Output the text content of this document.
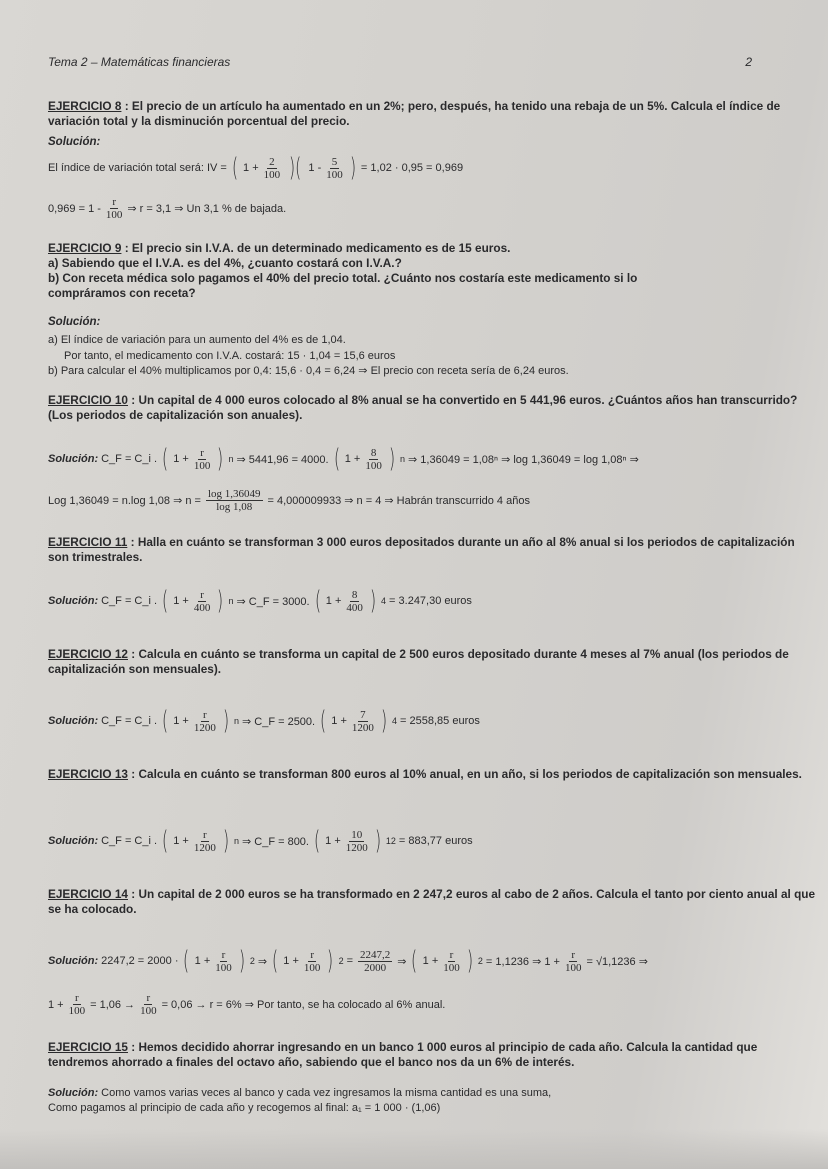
Tema 2 – Matemáticas financieras	2
EJERCICIO 8 : El precio de un artículo ha aumentado en un 2%; pero, después, ha tenido una rebaja de un 5%. Calcula el índice de variación total y la disminución porcentual del precio.
Solución:
El índice de variación total será: IV = ( $1 + \frac{2}{100}$ )( $1 - \frac{5}{100}$ ) = 1,02 · 0,95 = 0,969
$0,969 = 1 - \frac{r}{100}$ ⇒ r = 3,1 ⇒ Un 3,1 % de bajada.
EJERCICIO 9 : El precio sin I.V.A. de un determinado medicamento es de 15 euros.
a) Sabiendo que el I.V.A. es del 4%, ¿cuanto costará con I.V.A.?
b) Con receta médica solo pagamos el 40% del precio total. ¿Cuánto nos costaría este medicamento si lo compráramos con receta?
Solución:
a) El índice de variación para un aumento del 4% es de 1,04.
Por tanto, el medicamento con I.V.A. costará: 15 · 1,04 = 15,6 euros
b) Para calcular el 40% multiplicamos por 0,4: 15,6 · 0,4 = 6,24 ⇒ El precio con receta sería de 6,24 euros.
EJERCICIO 10 : Un capital de 4 000 euros colocado al 8% anual se ha convertido en 5 441,96 euros. ¿Cuántos años han transcurrido? (Los periodos de capitalización son anuales).
Solución: C_F = C_i . ( $1 + \frac{r}{100}$ ) n ⇒ 5441,96 = 4000. ( $1 + \frac{8}{100}$ ) n ⇒ 1,36049 = 1,08ⁿ ⇒ log 1,36049 = log 1,08ⁿ ⇒
Log 1,36049 = n.log 1,08 ⇒ $n = \frac{\log 1,36049}{\log 1,08} = 4,000009933$ ⇒ n = 4 ⇒ Habrán transcurrido 4 años
EJERCICIO 11 : Halla en cuánto se transforman 3 000 euros depositados durante un año al 8% anual si los periodos de capitalización son trimestrales.
Solución: C_F = C_i . ( $1 + \frac{r}{400}$ ) n ⇒ C_F = 3000. ( $1 + \frac{8}{400}$ ) 4 = 3.247,30 euros
EJERCICIO 12 : Calcula en cuánto se transforma un capital de 2 500 euros depositado durante 4 meses al 7% anual (los periodos de capitalización son mensuales).
Solución: C_F = C_i . ( $1 + \frac{r}{1200}$ ) n ⇒ C_F = 2500. ( $1 + \frac{7}{1200}$ ) 4 = 2558,85 euros
EJERCICIO 13 : Calcula en cuánto se transforman 800 euros al 10% anual, en un año, si los periodos de capitalización son mensuales.
Solución: C_F = C_i . ( $1 + \frac{r}{1200}$ ) n ⇒ C_F = 800. ( $1 + \frac{10}{1200}$ ) 12 = 883,77 euros
EJERCICIO 14 : Un capital de 2 000 euros se ha transformado en 2 247,2 euros al cabo de 2 años. Calcula el tanto por ciento anual al que se ha colocado.
Solución: 2247,2 = 2000 · ( $1 + \frac{r}{100}$ ) 2 ⇒ ( $1 + \frac{r}{100}$ ) $2 = \frac{2247,2}{2000}$ ⇒ ( $1 + \frac{r}{100}$ ) 2 = 1,1236 ⇒ $1 + \frac{r}{100} = √1,1236$ ⇒
$1 + \frac{r}{100} = 1,06 \to \frac{r}{100} = 0,06 \to r = 6\%$ ⇒ Por tanto, se ha colocado al 6% anual.
EJERCICIO 15 : Hemos decidido ahorrar ingresando en un banco 1 000 euros al principio de cada año. Calcula la cantidad que tendremos ahorrado a finales del octavo año, sabiendo que el banco nos da un 6% de interés.
Solución: Como vamos varias veces al banco y cada vez ingresamos la misma cantidad es una suma,
Como pagamos al principio de cada año y recogemos al final: a₁ = 1 000 · (1,06)
